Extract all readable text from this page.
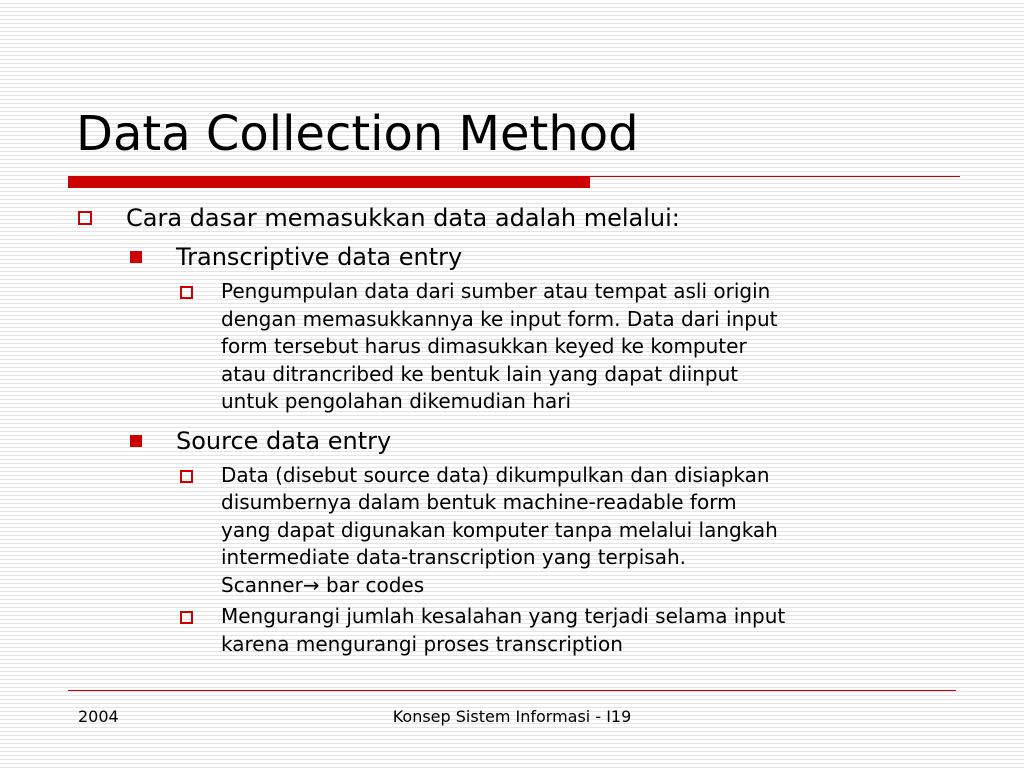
Data Collection Method
Cara dasar memasukkan data adalah melalui:
Transcriptive data entry
Pengumpulan data dari sumber atau tempat asli origin
dengan memasukkannya ke input form. Data dari input
form tersebut harus dimasukkan keyed ke komputer
atau ditrancribed ke bentuk lain yang dapat diinput
untuk pengolahan dikemudian hari
Source data entry
Data (disebut source data) dikumpulkan dan disiapkan
disumbernya dalam bentuk machine-readable form
yang dapat digunakan komputer tanpa melalui langkah
intermediate data-transcription yang terpisah.
Scanner→ bar codes
Mengurangi jumlah kesalahan yang terjadi selama input
karena mengurangi proses transcription
2004	Konsep Sistem Informasi - I19
